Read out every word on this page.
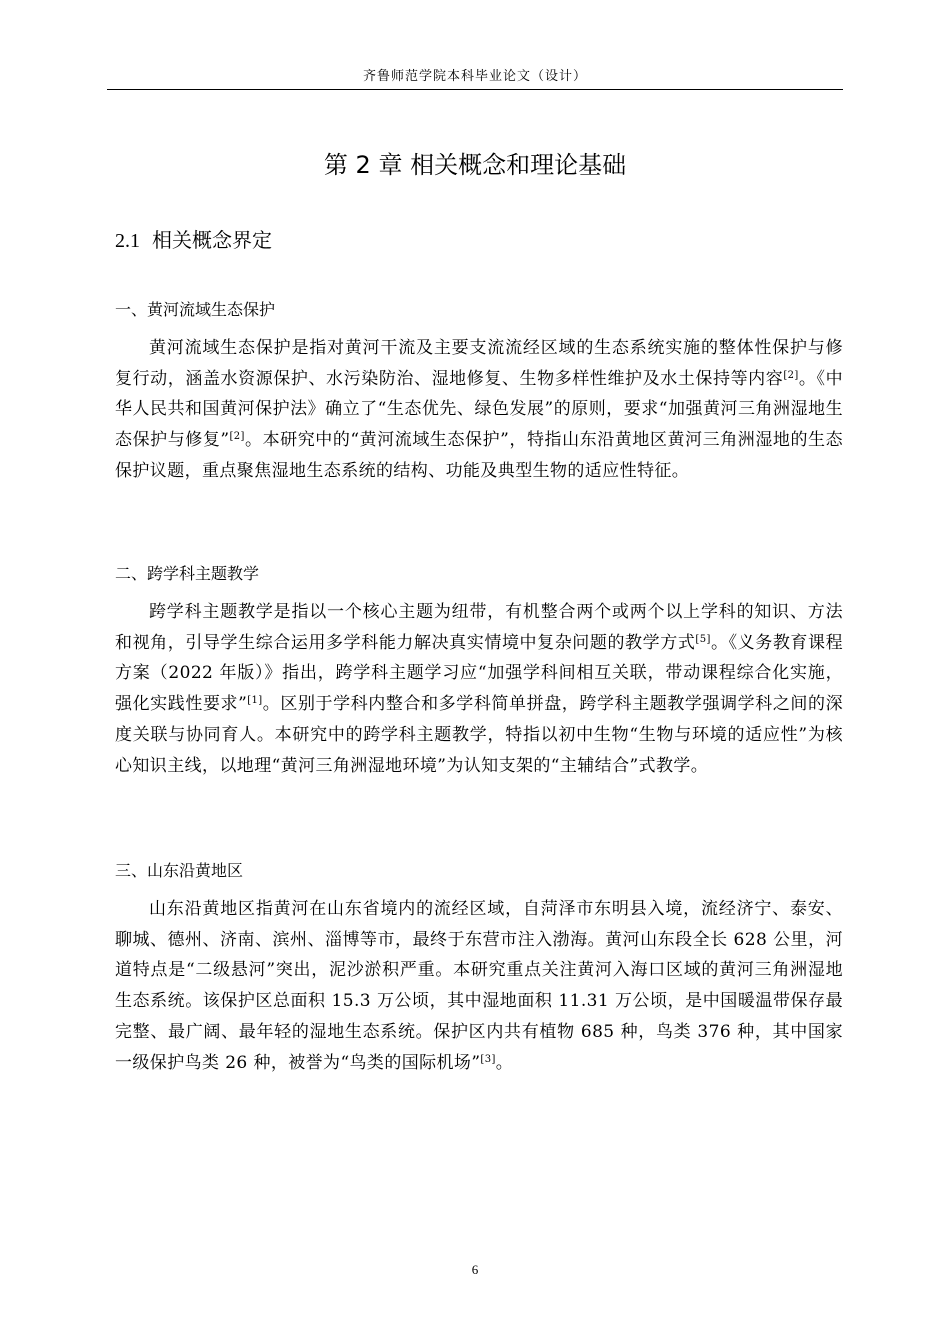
齐鲁师范学院本科毕业论文（设计）
第 2 章 相关概念和理论基础
2.1 相关概念界定
一、黄河流域生态保护

黄河流域生态保护是指对黄河干流及主要支流流经区域的生态系统实施的整体性保护与修复行动，涵盖水资源保护、水污染防治、湿地修复、生物多样性维护及水土保持等内容[2]。《中华人民共和国黄河保护法》确立了“生态优先、绿色发展”的原则，要求“加强黄河三角洲湿地生态保护与修复”[2]。本研究中的“黄河流域生态保护”，特指山东沿黄地区黄河三角洲湿地的生态保护议题，重点聚焦湿地生态系统的结构、功能及典型生物的适应性特征。

二、跨学科主题教学

跨学科主题教学是指以一个核心主题为纽带，有机整合两个或两个以上学科的知识、方法和视角，引导学生综合运用多学科能力解决真实情境中复杂问题的教学方式[5]。《义务教育课程方案（2022 年版）》指出，跨学科主题学习应“加强学科间相互关联，带动课程综合化实施，强化实践性要求”[1]。区别于学科内整合和多学科简单拼盘，跨学科主题教学强调学科之间的深度关联与协同育人。本研究中的跨学科主题教学，特指以初中生物“生物与环境的适应性”为核心知识主线，以地理“黄河三角洲湿地环境”为认知支架的“主辅结合”式教学。

三、山东沿黄地区

山东沿黄地区指黄河在山东省境内的流经区域，自菏泽市东明县入境，流经济宁、泰安、聊城、德州、济南、滨州、淄博等市，最终于东营市注入渤海。黄河山东段全长 628 公里，河道特点是“二级悬河”突出，泥沙淤积严重。本研究重点关注黄河入海口区域的黄河三角洲湿地生态系统。该保护区总面积 15.3 万公顷，其中湿地面积 11.31 万公顷，是中国暖温带保存最完整、最广阔、最年轻的湿地生态系统。保护区内共有植物 685 种，鸟类 376 种，其中国家一级保护鸟类 26 种，被誉为“鸟类的国际机场”[3]。

6
